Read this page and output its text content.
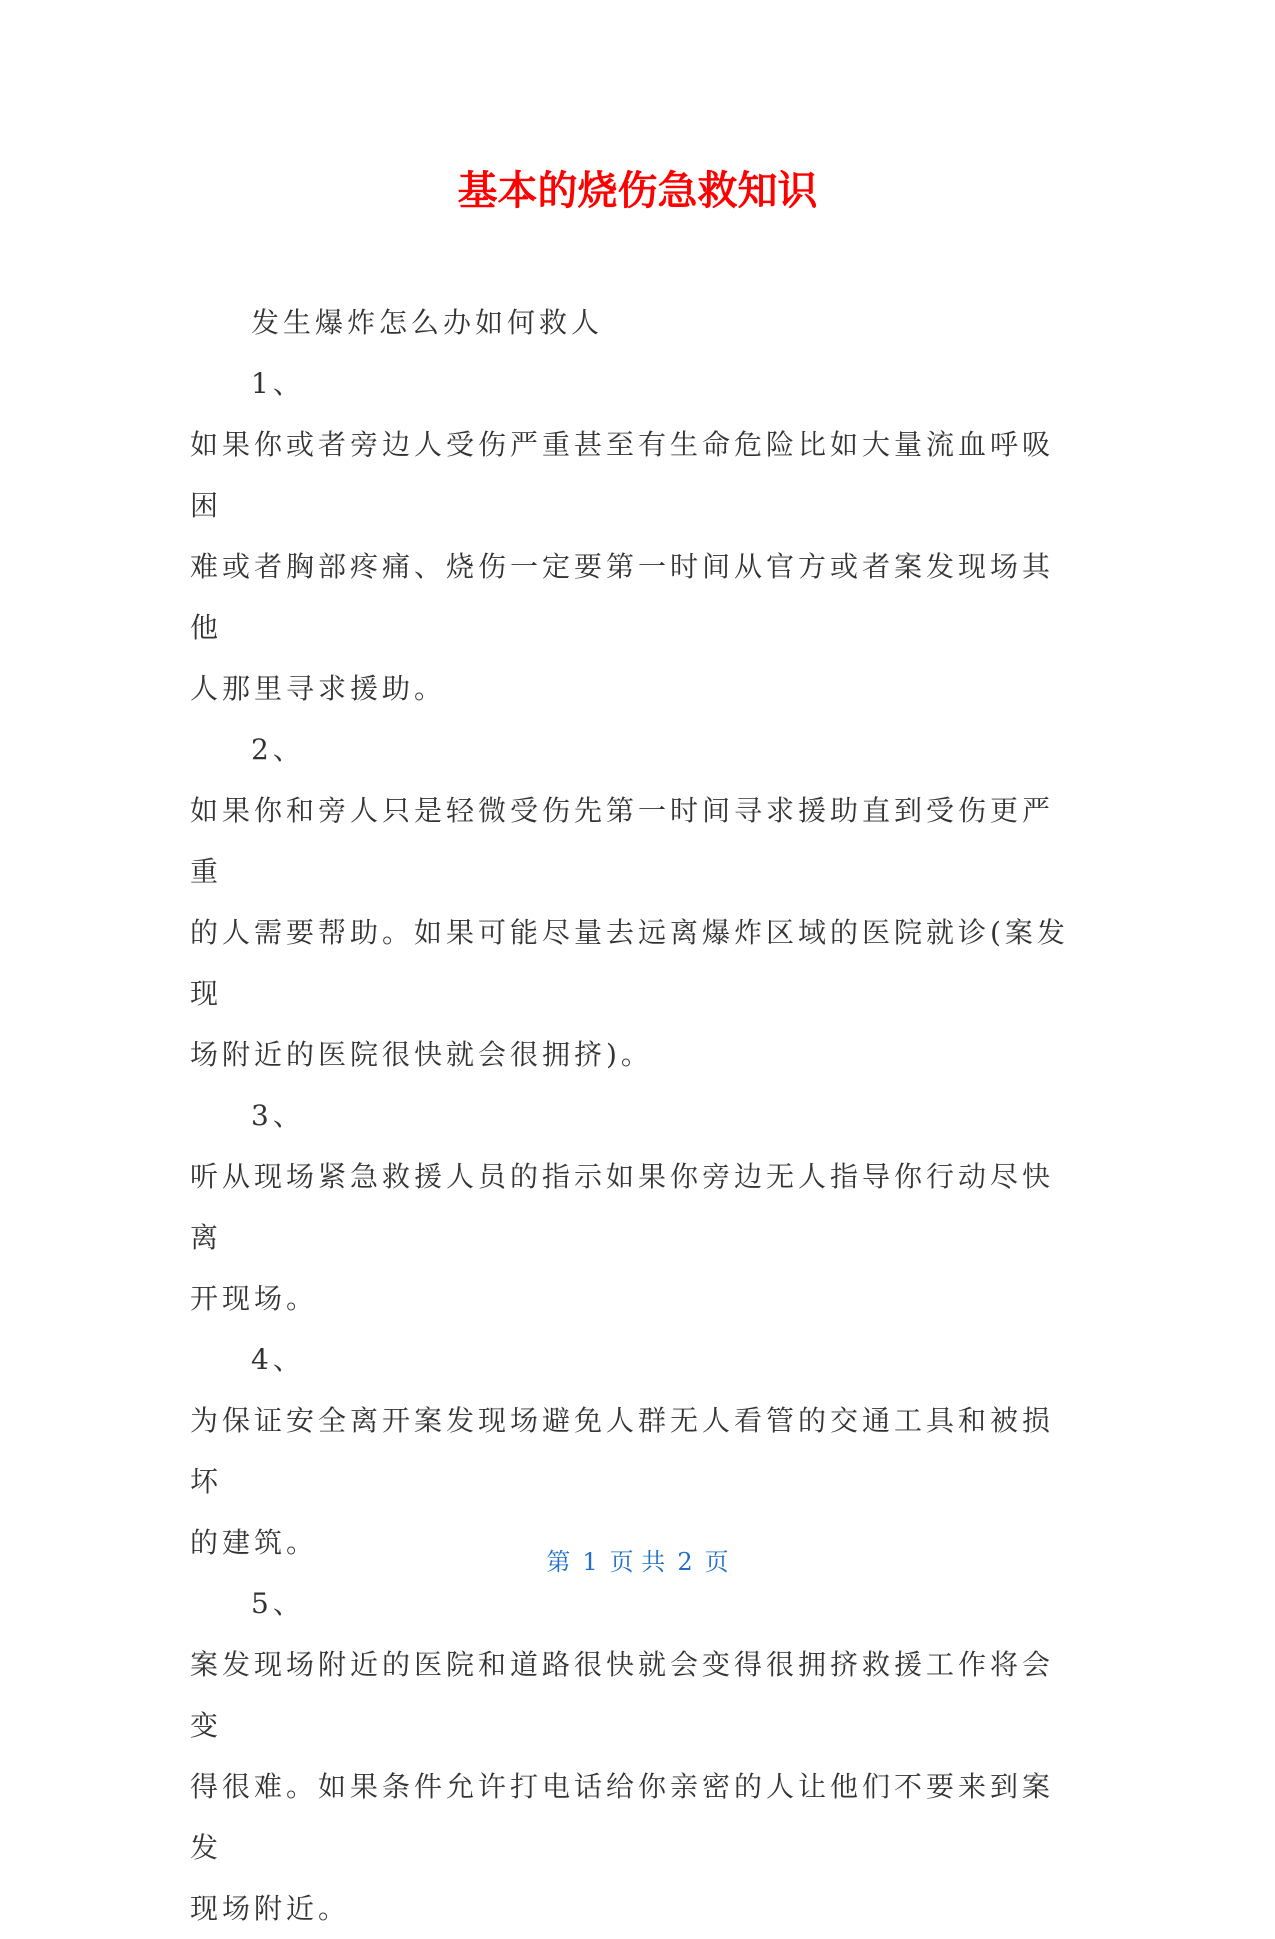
基本的烧伤急救知识

发生爆炸怎么办如何救人

1、

如果你或者旁边人受伤严重甚至有生命危险比如大量流血呼吸困

难或者胸部疼痛、烧伤一定要第一时间从官方或者案发现场其他

人那里寻求援助。

2、

如果你和旁人只是轻微受伤先第一时间寻求援助直到受伤更严重

的人需要帮助。如果可能尽量去远离爆炸区域的医院就诊(案发现

场附近的医院很快就会很拥挤)。

3、

听从现场紧急救援人员的指示如果你旁边无人指导你行动尽快离

开现场。

4、

为保证安全离开案发现场避免人群无人看管的交通工具和被损坏

的建筑。

5、

案发现场附近的医院和道路很快就会变得很拥挤救援工作将会变

得很难。如果条件允许打电话给你亲密的人让他们不要来到案发

现场附近。

第 1 页 共 2 页
